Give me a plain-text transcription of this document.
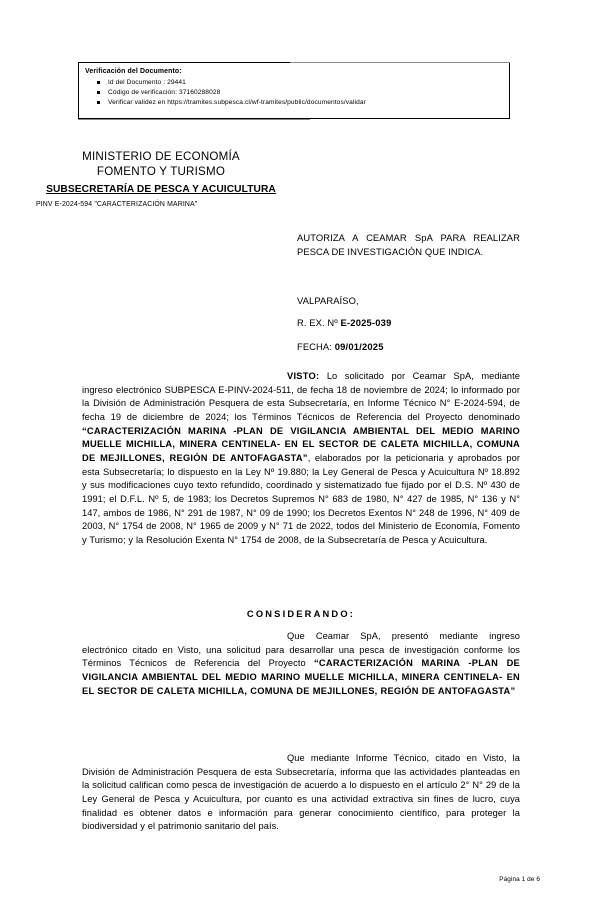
Verificación del Documento:
Id del Documento : 29441
Código de verificación: 37160288028
Verificar validez en https://tramites.subpesca.cl/wf-tramites/public/documentos/validar
MINISTERIO DE ECONOMÍA
FOMENTO Y TURISMO
SUBSECRETARÍA DE PESCA Y ACUICULTURA
PINV E-2024-594 "CARACTERIZACIÓN MARINA"
AUTORIZA A CEAMAR SpA PARA REALIZAR PESCA DE INVESTIGACIÓN QUE INDICA.
VALPARAÍSO,
R. EX. Nº E-2025-039
FECHA: 09/01/2025
VISTO: Lo solicitado por Ceamar SpA, mediante ingreso electrónico SUBPESCA E-PINV-2024-511, de fecha 18 de noviembre de 2024; lo informado por la División de Administración Pesquera de esta Subsecretaría, en Informe Técnico N° E-2024-594, de fecha 19 de diciembre de 2024; los Términos Técnicos de Referencia del Proyecto denominado “CARACTERIZACIÓN MARINA -PLAN DE VIGILANCIA AMBIENTAL DEL MEDIO MARINO MUELLE MICHILLA, MINERA CENTINELA- EN EL SECTOR DE CALETA MICHILLA, COMUNA DE MEJILLONES, REGIÓN DE ANTOFAGASTA”, elaborados por la peticionaria y aprobados por esta Subsecretaría; lo dispuesto en la Ley Nº 19.880; la Ley General de Pesca y Acuicultura Nº 18.892 y sus modificaciones cuyo texto refundido, coordinado y sistematizado fue fijado por el D.S. Nº 430 de 1991; el D.F.L. Nº 5, de 1983; los Decretos Supremos N° 683 de 1980, N° 427 de 1985, N° 136 y N° 147, ambos de 1986, N° 291 de 1987, N° 09 de 1990; los Decretos Exentos N° 248 de 1996, N° 409 de 2003, N° 1754 de 2008, N° 1965 de 2009 y N° 71 de 2022, todos del Ministerio de Economía, Fomento y Turismo; y la Resolución Exenta N° 1754 de 2008, de la Subsecretaría de Pesca y Acuicultura.
CONSIDERANDO:
Que Ceamar SpA, presentó mediante ingreso electrónico citado en Visto, una solicitud para desarrollar una pesca de investigación conforme los Términos Técnicos de Referencia del Proyecto “CARACTERIZACIÓN MARINA -PLAN DE VIGILANCIA AMBIENTAL DEL MEDIO MARINO MUELLE MICHILLA, MINERA CENTINELA- EN EL SECTOR DE CALETA MICHILLA, COMUNA DE MEJILLONES, REGIÓN DE ANTOFAGASTA”
Que mediante Informe Técnico, citado en Visto, la División de Administración Pesquera de esta Subsecretaría, informa que las actividades planteadas en la solicitud califican como pesca de investigación de acuerdo a lo dispuesto en el artículo 2° N° 29 de la Ley General de Pesca y Acuicultura, por cuanto es una actividad extractiva sin fines de lucro, cuya finalidad es obtener datos e información para generar conocimiento científico, para proteger la biodiversidad y el patrimonio sanitario del país.
Página 1 de 6
